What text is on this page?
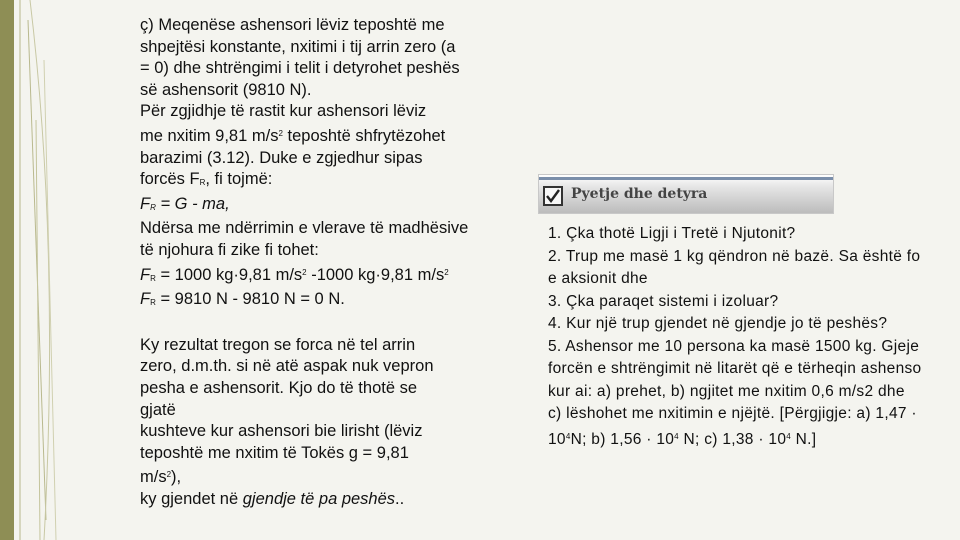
ç) Meqenëse ashensori lëviz teposhtë me
shpejtësi konstante, nxitimi i tij arrin zero (a
= 0) dhe shtrëngimi i telit i detyrohet peshës
së ashensorit (9810 N).
Për zgjidhje të rastit kur ashensori lëviz
me nxitim 9,81 $m/s^2$ teposhtë shfrytëzohet
barazimi (3.12). Duke e zgjedhur sipas
forcës FR, fi tojmë:
FR = G - ma,
Ndërsa me ndërrimin e vlerave të madhësive
të njohura fi zike fi tohet:
FR = 1000 kg·9,81 $m/s^2$ -1000 kg·9,81 $m/s^2$
FR = 9810 N - 9810 N = 0 N.
Ky rezultat tregon se forca në tel arrin
zero, d.m.th. si në atë aspak nuk vepron
pesha e ashensorit. Kjo do të thotë se
gjatë
kushteve kur ashensori bie lirisht (lëviz
teposhtë me nxitim të Tokës g = 9,81
$m/s^2$),
ky gjendet në gjendje të pa peshës..
Pyetje dhe detyra
1. Çka thotë Ligji i Tretë i Njutonit?
2. Trup me masë 1 kg qëndron në bazë. Sa është fo
e aksionit dhe
3. Çka paraqet sistemi i izoluar?
4. Kur një trup gjendet në gjendje jo të peshës?
5. Ashensor me 10 persona ka masë 1500 kg. Gjeje
forcën e shtrëngimit në litarët që e tërheqin ashenso
kur ai: a) prehet, b) ngjitet me nxitim 0,6 m/s2 dhe
c) lëshohet me nxitimin e njëjtë. [Përgjigje: a) 1,47 ·
$10^4N$; b) $1,56 \cdot 10^4$ N; c) $1,38 \cdot 10^4$ N.]
